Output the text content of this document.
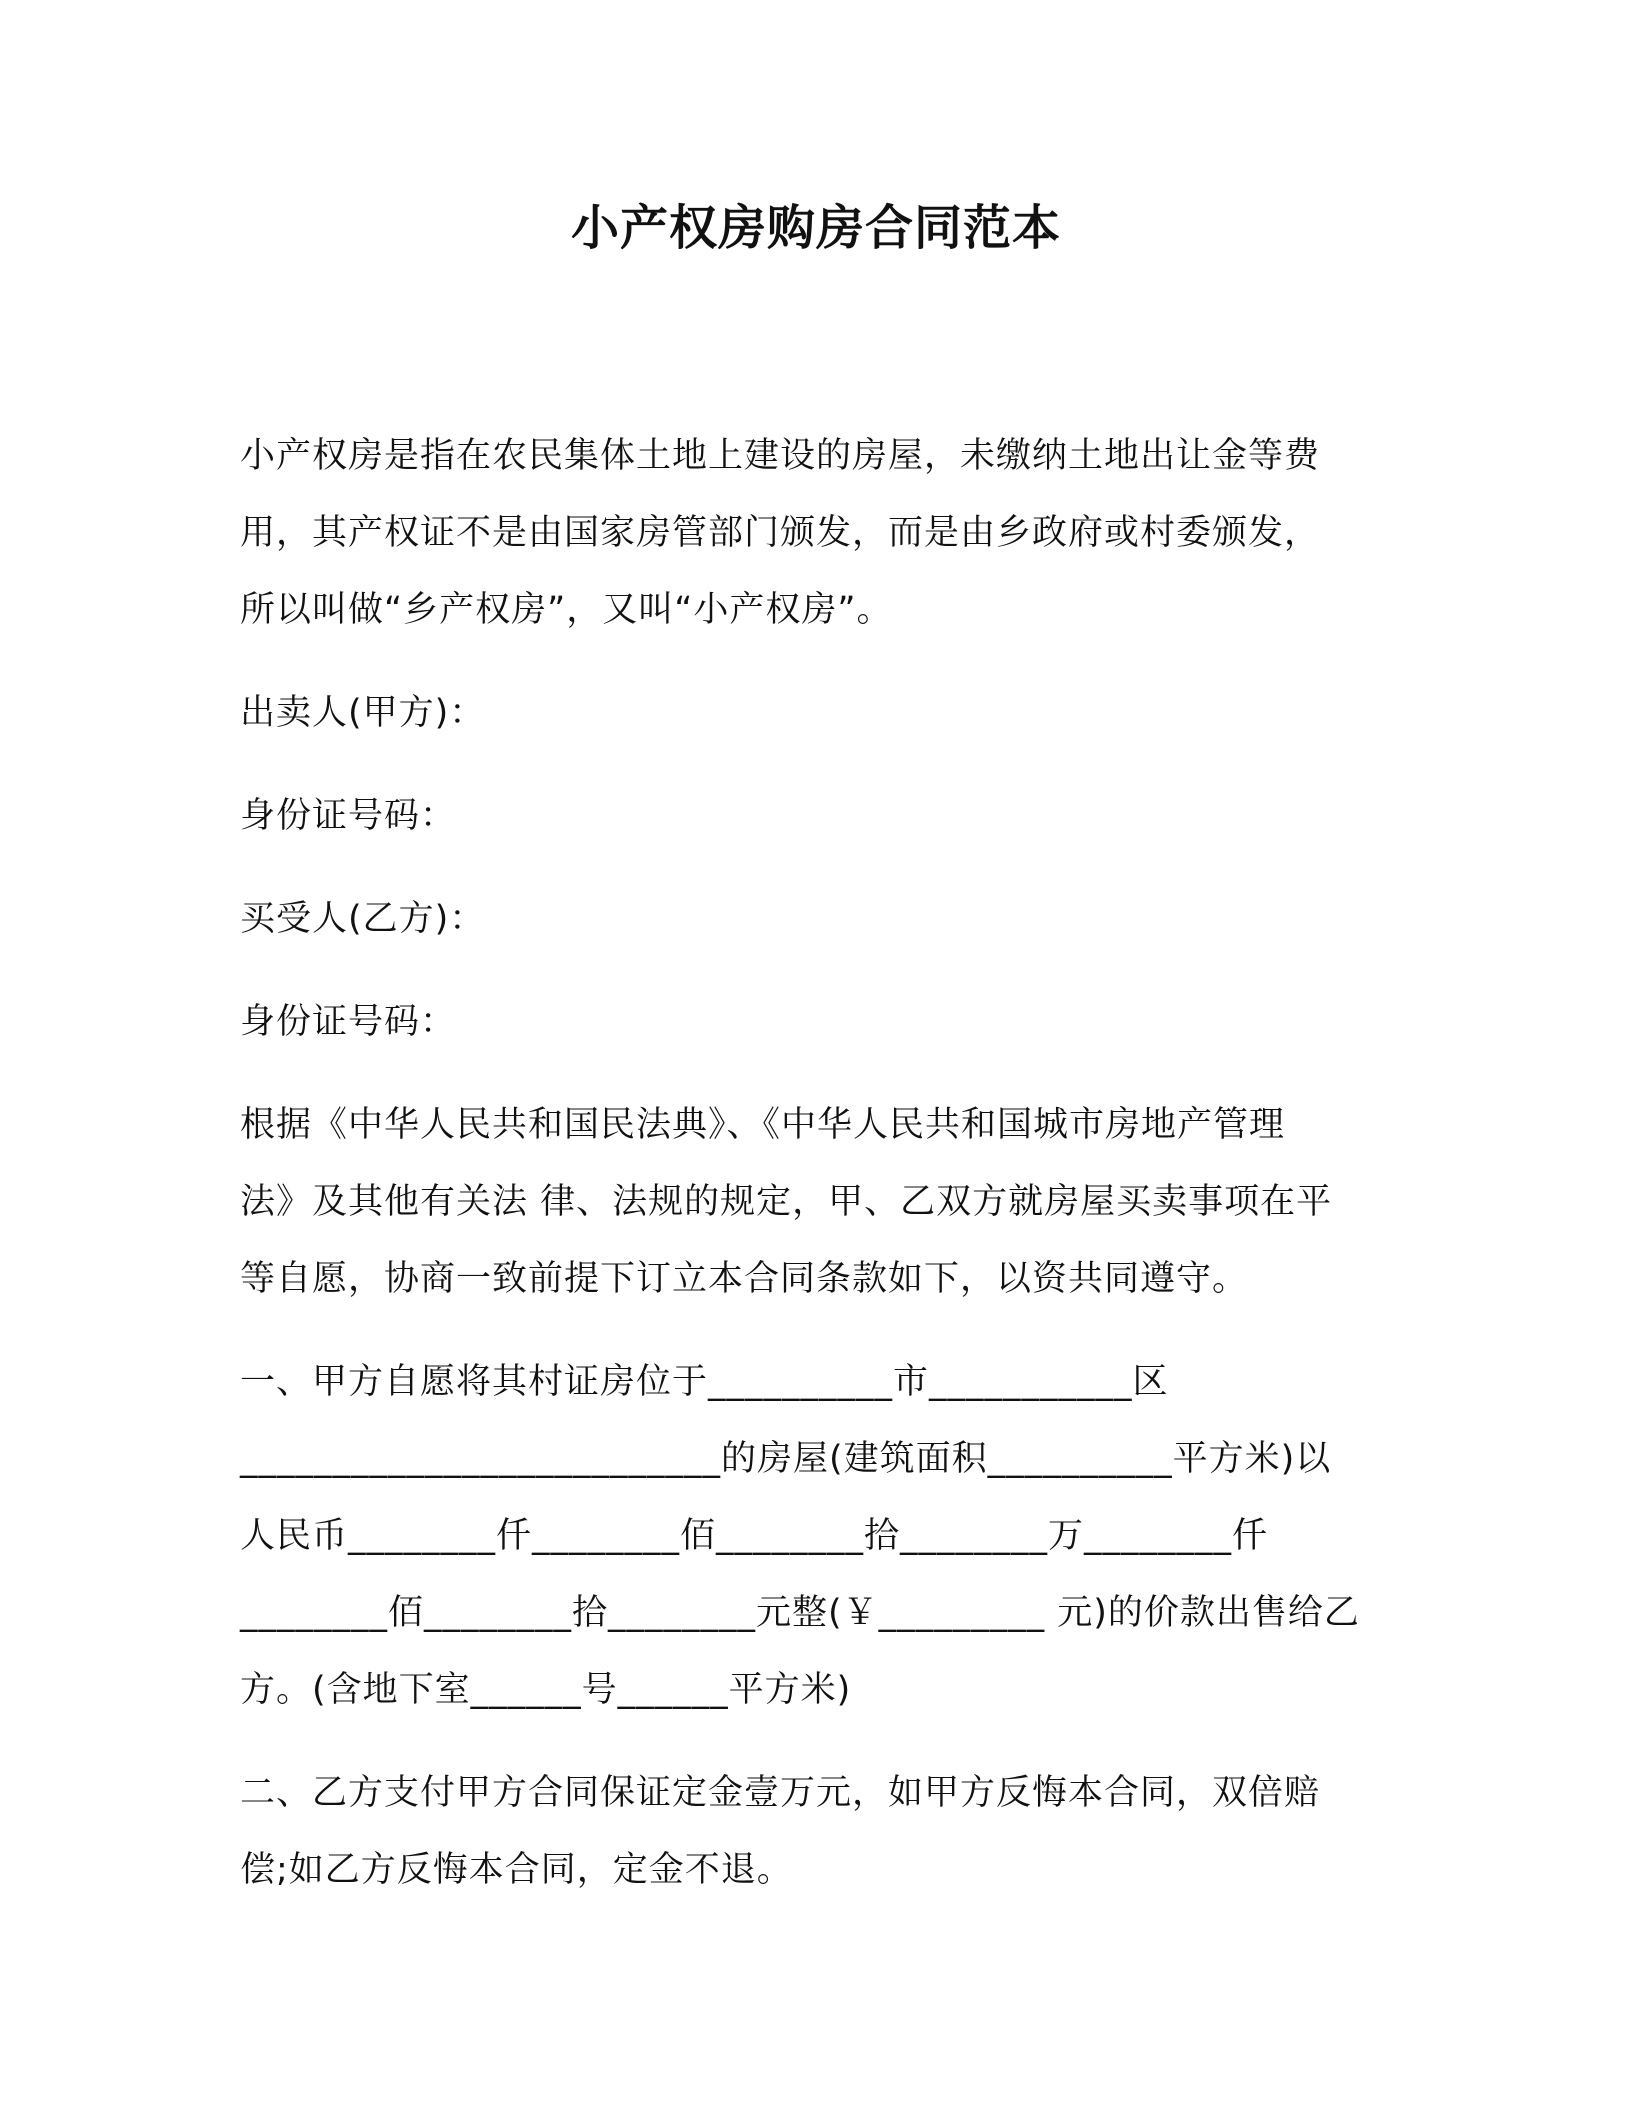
小产权房购房合同范本

小产权房是指在农民集体土地上建设的房屋，未缴纳土地出让金等费
用，其产权证不是由国家房管部门颁发，而是由乡政府或村委颁发，
所以叫做“乡产权房”，又叫“小产权房”。

出卖人(甲方)：

身份证号码：

买受人(乙方)：

身份证号码：

根据《中华人民共和国民法典》、《中华人民共和国城市房地产管理
法》及其他有关法 律、法规的规定，甲、乙双方就房屋买卖事项在平
等自愿，协商一致前提下订立本合同条款如下，以资共同遵守。

一、甲方自愿将其村证房位于__________市___________区
__________________________的房屋(建筑面积__________平方米)以
人民币________仟________佰________拾________万________仟
________佰________拾________元整(￥_________ 元)的价款出售给乙
方。(含地下室______号______平方米)

二、乙方支付甲方合同保证定金壹万元，如甲方反悔本合同，双倍赔
偿;如乙方反悔本合同，定金不退。
